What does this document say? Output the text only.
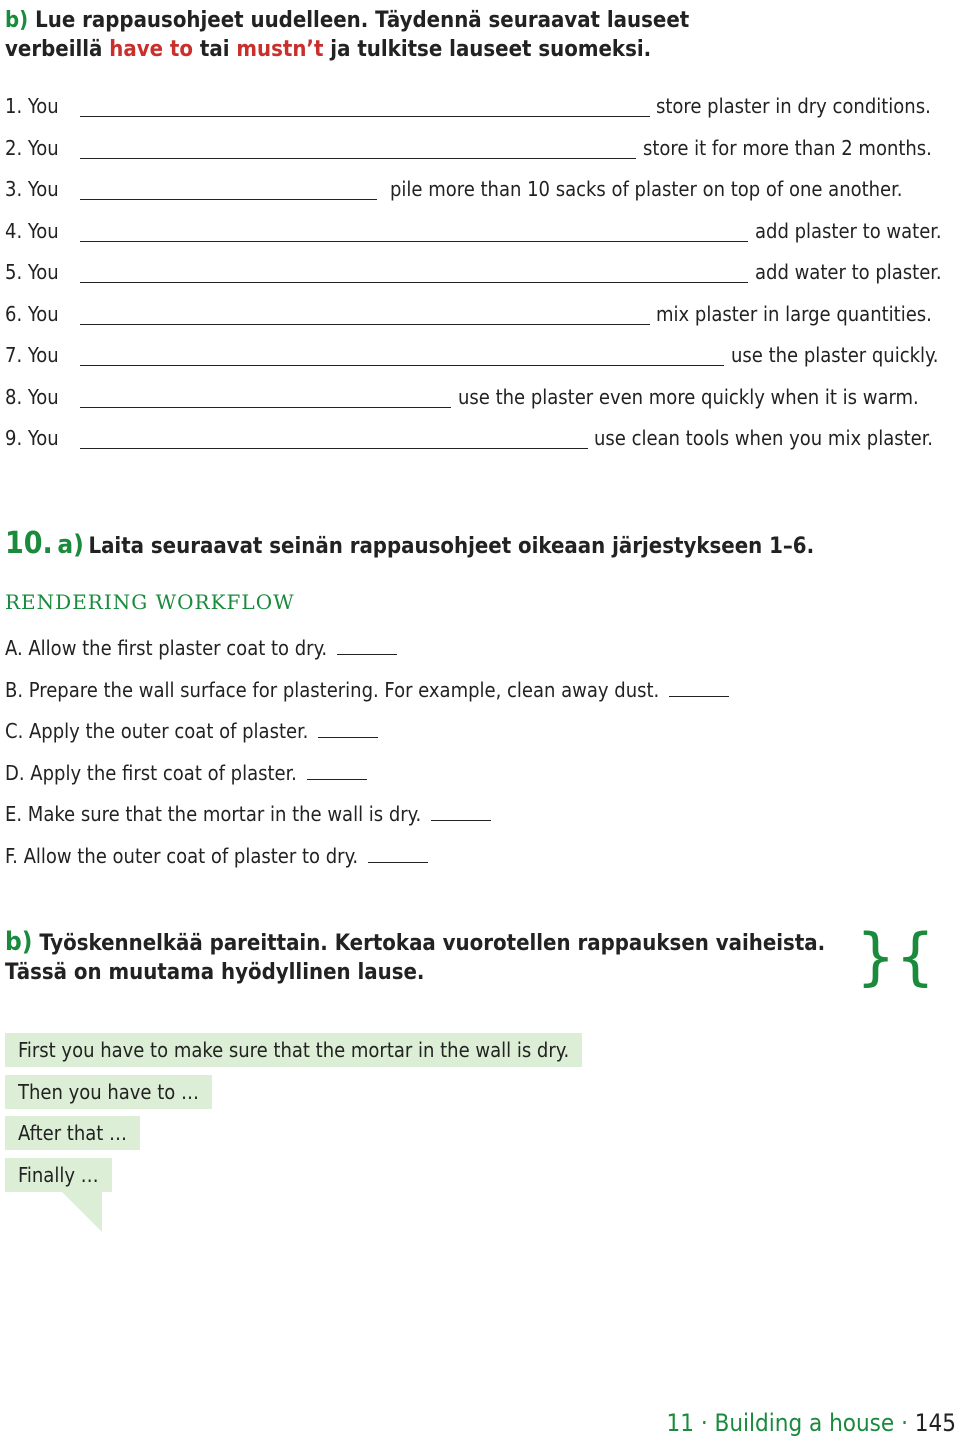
b) Lue rappausohjeet uudelleen. Täydennä seuraavat lauseet
verbeillä have to tai mustn’t ja tulkitse lauseet suomeksi.
1. You	store plaster in dry conditions.
2. You	store it for more than 2 months.
3. You	pile more than 10 sacks of plaster on top of one another.
4. You	add plaster to water.
5. You	add water to plaster.
6. You	mix plaster in large quantities.
7. You	use the plaster quickly.
8. You	use the plaster even more quickly when it is warm.
9. You	use clean tools when you mix plaster.
10. a) Laita seuraavat seinän rappausohjeet oikeaan järjestykseen 1–6.
RENDERING WORKFLOW
A. Allow the first plaster coat to dry.
B. Prepare the wall surface for plastering. For example, clean away dust.
C. Apply the outer coat of plaster.
D. Apply the first coat of plaster.
E. Make sure that the mortar in the wall is dry.
F. Allow the outer coat of plaster to dry.
b) Työskennelkää pareittain. Kertokaa vuorotellen rappauksen vaiheista.
Tässä on muutama hyödyllinen lause.	}{
First you have to make sure that the mortar in the wall is dry.
Then you have to …
After that …
Finally …
11 · Building a house · 145
